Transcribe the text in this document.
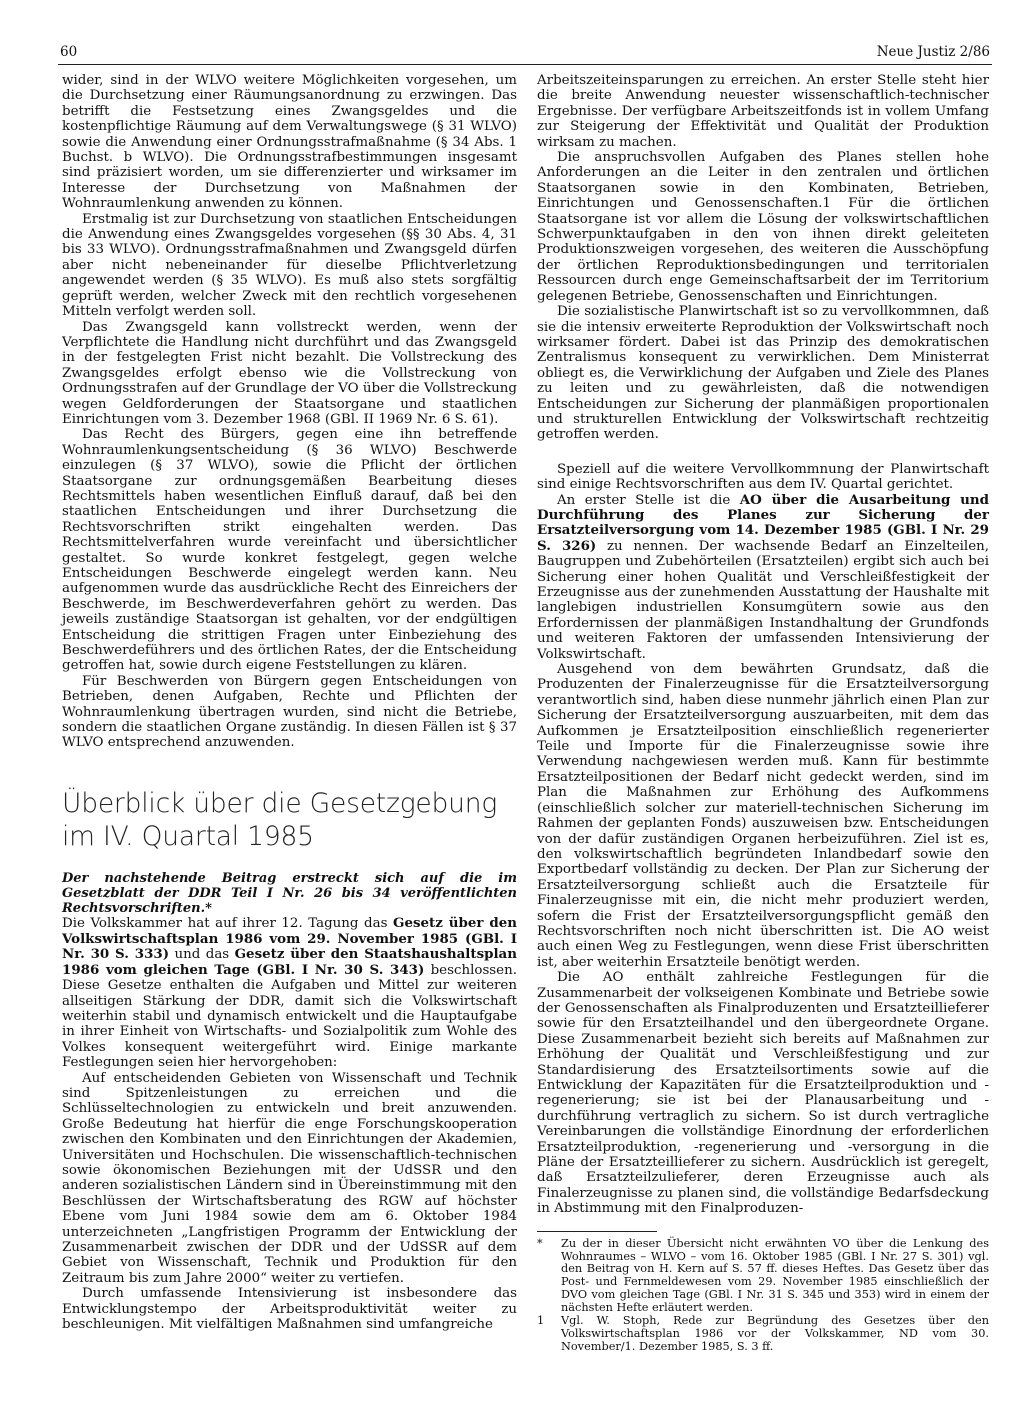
60	Neue Justiz 2/86

wider, sind in der WLVO weitere Möglichkeiten vorgesehen, um die Durchsetzung einer Räumungsanordnung zu erzwingen. Das betrifft die Festsetzung eines Zwangsgeldes und die kostenpflichtige Räumung auf dem Verwaltungswege (§ 31 WLVO) sowie die Anwendung einer Ordnungsstrafmaßnahme (§ 34 Abs. 1 Buchst. b WLVO). Die Ordnungsstrafbestimmungen insgesamt sind präzisiert worden, um sie differenzierter und wirksamer im Interesse der Durchsetzung von Maßnahmen der Wohnraumlenkung anwenden zu können.

Erstmalig ist zur Durchsetzung von staatlichen Entscheidungen die Anwendung eines Zwangsgeldes vorgesehen (§§ 30 Abs. 4, 31 bis 33 WLVO). Ordnungsstrafmaßnahmen und Zwangsgeld dürfen aber nicht nebeneinander für dieselbe Pflichtverletzung angewendet werden (§ 35 WLVO). Es muß also stets sorgfältig geprüft werden, welcher Zweck mit den rechtlich vorgesehenen Mitteln verfolgt werden soll.

Das Zwangsgeld kann vollstreckt werden, wenn der Verpflichtete die Handlung nicht durchführt und das Zwangsgeld in der festgelegten Frist nicht bezahlt. Die Vollstreckung des Zwangsgeldes erfolgt ebenso wie die Vollstreckung von Ordnungsstrafen auf der Grundlage der VO über die Vollstreckung wegen Geldforderungen der Staatsorgane und staatlichen Einrichtungen vom 3. Dezember 1968 (GBl. II 1969 Nr. 6 S. 61).

Das Recht des Bürgers, gegen eine ihn betreffende Wohnraumlenkungsentscheidung (§ 36 WLVO) Beschwerde einzulegen (§ 37 WLVO), sowie die Pflicht der örtlichen Staatsorgane zur ordnungsgemäßen Bearbeitung dieses Rechtsmittels haben wesentlichen Einfluß darauf, daß bei den staatlichen Entscheidungen und ihrer Durchsetzung die Rechtsvorschriften strikt eingehalten werden. Das Rechtsmittelverfahren wurde vereinfacht und übersichtlicher gestaltet. So wurde konkret festgelegt, gegen welche Entscheidungen Beschwerde eingelegt werden kann. Neu aufgenommen wurde das ausdrückliche Recht des Einreichers der Beschwerde, im Beschwerdeverfahren gehört zu werden. Das jeweils zuständige Staatsorgan ist gehalten, vor der endgültigen Entscheidung die strittigen Fragen unter Einbeziehung des Beschwerdeführers und des örtlichen Rates, der die Entscheidung getroffen hat, sowie durch eigene Feststellungen zu klären.

Für Beschwerden von Bürgern gegen Entscheidungen von Betrieben, denen Aufgaben, Rechte und Pflichten der Wohnraumlenkung übertragen wurden, sind nicht die Betriebe, sondern die staatlichen Organe zuständig. In diesen Fällen ist § 37 WLVO entsprechend anzuwenden.

Überblick über die Gesetzgebung
im IV. Quartal 1985

Der nachstehende Beitrag erstreckt sich auf die im Gesetzblatt der DDR Teil I Nr. 26 bis 34 veröffentlichten Rechtsvorschriften.*

Die Volkskammer hat auf ihrer 12. Tagung das Gesetz über den Volkswirtschaftsplan 1986 vom 29. November 1985 (GBl. I Nr. 30 S. 333) und das Gesetz über den Staatshaushaltsplan 1986 vom gleichen Tage (GBl. I Nr. 30 S. 343) beschlossen. Diese Gesetze enthalten die Aufgaben und Mittel zur weiteren allseitigen Stärkung der DDR, damit sich die Volkswirtschaft weiterhin stabil und dynamisch entwickelt und die Hauptaufgabe in ihrer Einheit von Wirtschafts- und Sozialpolitik zum Wohle des Volkes konsequent weitergeführt wird. Einige markante Festlegungen seien hier hervorgehoben:

Auf entscheidenden Gebieten von Wissenschaft und Technik sind Spitzenleistungen zu erreichen und die Schlüsseltechnologien zu entwickeln und breit anzuwenden. Große Bedeutung hat hierfür die enge Forschungskooperation zwischen den Kombinaten und den Einrichtungen der Akademien, Universitäten und Hochschulen. Die wissenschaftlich-technischen sowie ökonomischen Beziehungen mit der UdSSR und den anderen sozialistischen Ländern sind in Übereinstimmung mit den Beschlüssen der Wirtschaftsberatung des RGW auf höchster Ebene vom Juni 1984 sowie dem am 6. Oktober 1984 unterzeichneten „Langfristigen Programm der Entwicklung der Zusammenarbeit zwischen der DDR und der UdSSR auf dem Gebiet von Wissenschaft, Technik und Produktion für den Zeitraum bis zum Jahre 2000“ weiter zu vertiefen.

Durch umfassende Intensivierung ist insbesondere das Entwicklungstempo der Arbeitsproduktivität weiter zu beschleunigen. Mit vielfältigen Maßnahmen sind umfangreiche

Arbeitszeiteinsparungen zu erreichen. An erster Stelle steht hier die breite Anwendung neuester wissenschaftlich-technischer Ergebnisse. Der verfügbare Arbeitszeitfonds ist in vollem Umfang zur Steigerung der Effektivität und Qualität der Produktion wirksam zu machen.

Die anspruchsvollen Aufgaben des Planes stellen hohe Anforderungen an die Leiter in den zentralen und örtlichen Staatsorganen sowie in den Kombinaten, Betrieben, Einrichtungen und Genossenschaften.1 Für die örtlichen Staatsorgane ist vor allem die Lösung der volkswirtschaftlichen Schwerpunktaufgaben in den von ihnen direkt geleiteten Produktionszweigen vorgesehen, des weiteren die Ausschöpfung der örtlichen Reproduktionsbedingungen und territorialen Ressourcen durch enge Gemeinschaftsarbeit der im Territorium gelegenen Betriebe, Genossenschaften und Einrichtungen.

Die sozialistische Planwirtschaft ist so zu vervollkommnen, daß sie die intensiv erweiterte Reproduktion der Volkswirtschaft noch wirksamer fördert. Dabei ist das Prinzip des demokratischen Zentralismus konsequent zu verwirklichen. Dem Ministerrat obliegt es, die Verwirklichung der Aufgaben und Ziele des Planes zu leiten und zu gewährleisten, daß die notwendigen Entscheidungen zur Sicherung der planmäßigen proportionalen und strukturellen Entwicklung der Volkswirtschaft rechtzeitig getroffen werden.

Speziell auf die weitere Vervollkommnung der Planwirtschaft sind einige Rechtsvorschriften aus dem IV. Quartal gerichtet.

An erster Stelle ist die AO über die Ausarbeitung und Durchführung des Planes zur Sicherung der Ersatzteilversorgung vom 14. Dezember 1985 (GBl. I Nr. 29 S. 326) zu nennen. Der wachsende Bedarf an Einzelteilen, Baugruppen und Zubehörteilen (Ersatzteilen) ergibt sich auch bei Sicherung einer hohen Qualität und Verschleißfestigkeit der Erzeugnisse aus der zunehmenden Ausstattung der Haushalte mit langlebigen industriellen Konsumgütern sowie aus den Erfordernissen der planmäßigen Instandhaltung der Grundfonds und weiteren Faktoren der umfassenden Intensivierung der Volkswirtschaft.

Ausgehend von dem bewährten Grundsatz, daß die Produzenten der Finalerzeugnisse für die Ersatzteilversorgung verantwortlich sind, haben diese nunmehr jährlich einen Plan zur Sicherung der Ersatzteilversorgung auszuarbeiten, mit dem das Aufkommen je Ersatzteilposition einschließlich regenerierter Teile und Importe für die Finalerzeugnisse sowie ihre Verwendung nachgewiesen werden muß. Kann für bestimmte Ersatzteilpositionen der Bedarf nicht gedeckt werden, sind im Plan die Maßnahmen zur Erhöhung des Aufkommens (einschließlich solcher zur materiell-technischen Sicherung im Rahmen der geplanten Fonds) auszuweisen bzw. Entscheidungen von der dafür zuständigen Organen herbeizuführen. Ziel ist es, den volkswirtschaftlich begründeten Inlandbedarf sowie den Exportbedarf vollständig zu decken. Der Plan zur Sicherung der Ersatzteilversorgung schließt auch die Ersatzteile für Finalerzeugnisse mit ein, die nicht mehr produziert werden, sofern die Frist der Ersatzteilversorgungspflicht gemäß den Rechtsvorschriften noch nicht überschritten ist. Die AO weist auch einen Weg zu Festlegungen, wenn diese Frist überschritten ist, aber weiterhin Ersatzteile benötigt werden.

Die AO enthält zahlreiche Festlegungen für die Zusammenarbeit der volkseigenen Kombinate und Betriebe sowie der Genossenschaften als Finalproduzenten und Ersatzteillieferer sowie für den Ersatzteilhandel und den übergeordnete Organe. Diese Zusammenarbeit bezieht sich bereits auf Maßnahmen zur Erhöhung der Qualität und Verschleißfestigung und zur Standardisierung des Ersatzteilsortiments sowie auf die Entwicklung der Kapazitäten für die Ersatzteilproduktion und -regenerierung; sie ist bei der Planausarbeitung und -durchführung vertraglich zu sichern. So ist durch vertragliche Vereinbarungen die vollständige Einordnung der erforderlichen Ersatzteilproduktion, -regenerierung und -versorgung in die Pläne der Ersatzteillieferer zu sichern. Ausdrücklich ist geregelt, daß Ersatzteilzulieferer, deren Erzeugnisse auch als Finalerzeugnisse zu planen sind, die vollständige Bedarfsdeckung in Abstimmung mit den Finalproduzen-

*	Zu der in dieser Übersicht nicht erwähnten VO über die Lenkung des Wohnraumes – WLVO – vom 16. Oktober 1985 (GBl. I Nr. 27 S. 301) vgl. den Beitrag von H. Kern auf S. 57 ff. dieses Heftes. Das Gesetz über das Post- und Fernmeldewesen vom 29. November 1985 einschließlich der DVO vom gleichen Tage (GBl. I Nr. 31 S. 345 und 353) wird in einem der nächsten Hefte erläutert werden.
1	Vgl. W. Stoph, Rede zur Begründung des Gesetzes über den Volkswirtschaftsplan 1986 vor der Volkskammer, ND vom 30. November/1. Dezember 1985, S. 3 ff.
